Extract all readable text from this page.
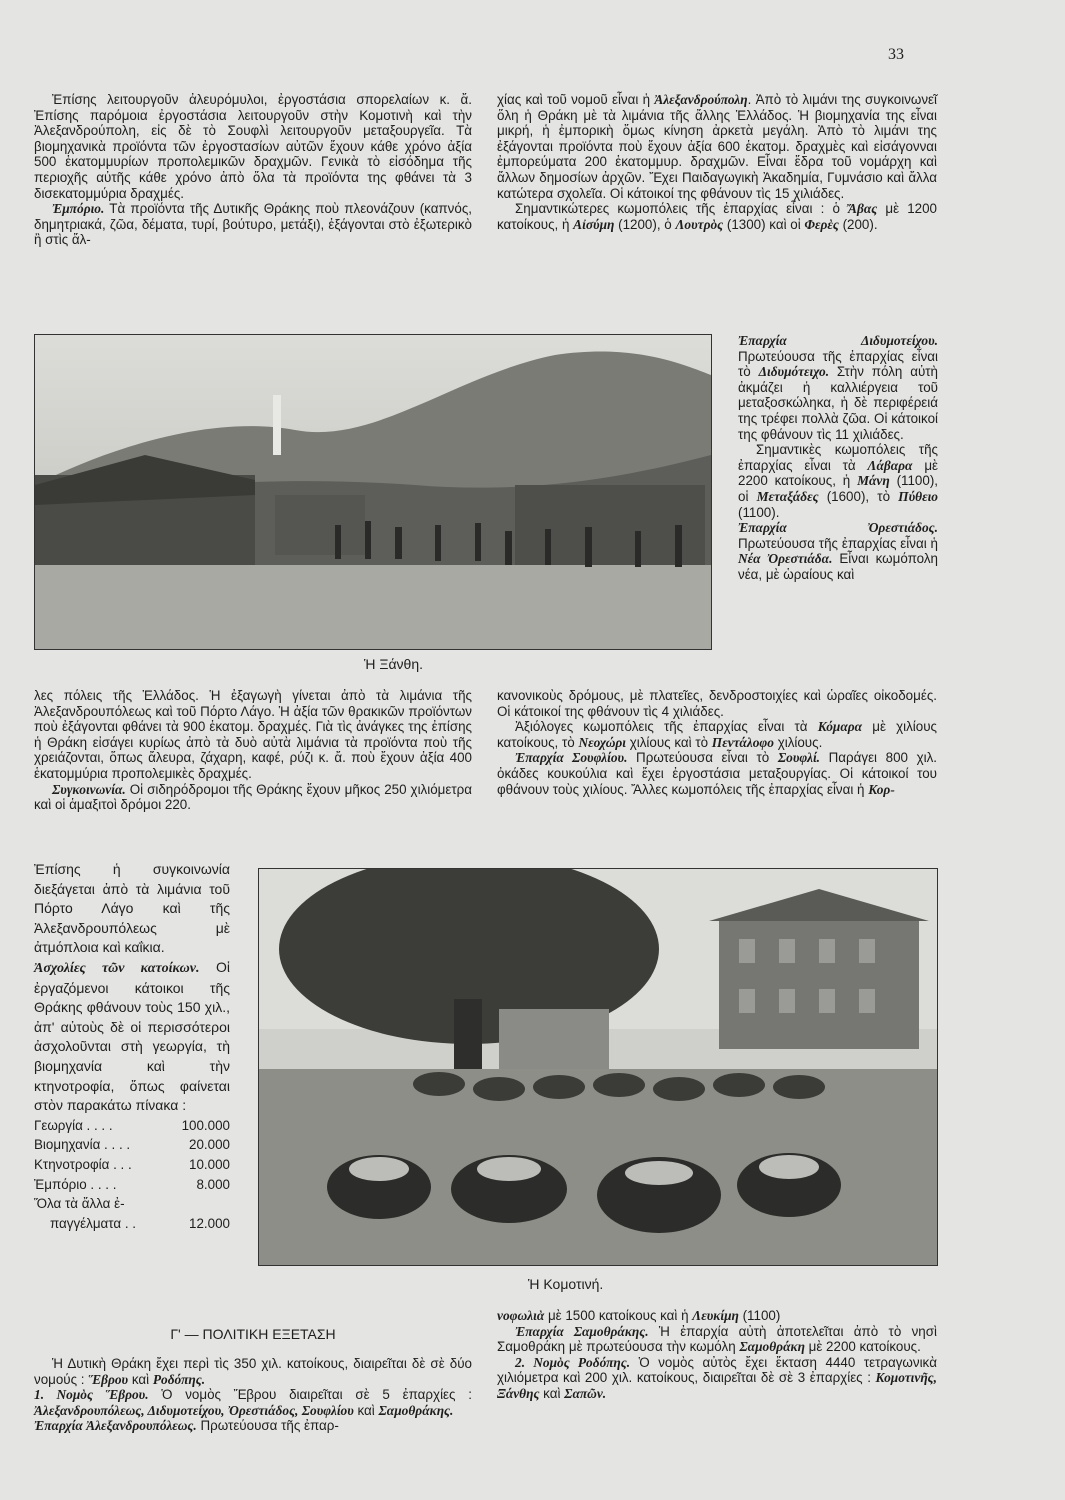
33

Ἐπίσης λειτουργοῦν ἀλευρόμυλοι, ἐργοστάσια σπορελαίων κ. ἄ. Ἐπίσης παρόμοια ἐργοστάσια λειτουργοῦν στὴν Κομοτινὴ καὶ τὴν Ἀλεξανδρούπολη, εἰς δὲ τὸ Σουφλὶ λειτουργοῦν μεταξουργεῖα. Τὰ βιομηχανικὰ προϊόντα τῶν ἐργοστασίων αὐτῶν ἔχουν κάθε χρόνο ἀξία 500 ἑκατομμυρίων προπολεμικῶν δραχμῶν. Γενικὰ τὸ εἰσόδημα τῆς περιοχῆς αὐτῆς κάθε χρόνο ἀπὸ ὅλα τὰ προϊόντα της φθάνει τὰ 3 δισεκατομμύρια δραχμές.

Ἐμπόριο. Τὰ προϊόντα τῆς Δυτικῆς Θράκης ποὺ πλεονάζουν (καπνός, δημητριακά, ζῶα, δέματα, τυρί, βούτυρο, μετάξι), ἐξάγονται στὸ ἐξωτερικὸ ἢ στὶς ἄλ-

χίας καὶ τοῦ νομοῦ εἶναι ἡ Ἀλεξανδρούπολη. Ἀπὸ τὸ λιμάνι της συγκοινωνεῖ ὅλη ἡ Θράκη μὲ τὰ λιμάνια τῆς ἄλλης Ἑλλάδος. Ἡ βιομηχανία της εἶναι μικρή, ἡ ἐμπορικὴ ὅμως κίνηση ἀρκετὰ μεγάλη. Ἀπὸ τὸ λιμάνι της ἐξάγονται προϊόντα ποὺ ἔχουν ἀξία 600 ἑκατομ. δραχμὲς καὶ εἰσάγονναι ἐμπορεύματα 200 ἑκατομμυρ. δραχμῶν. Εἶναι ἕδρα τοῦ νομάρχη καὶ ἄλλων δημοσίων ἀρχῶν. Ἔχει Παιδαγωγικὴ Ἀκαδημία, Γυμνάσιο καὶ ἄλλα κατώτερα σχολεῖα. Οἱ κάτοικοί της φθάνουν τὶς 15 χιλιάδες.

Σημαντικώτερες κωμοπόλεις τῆς ἐπαρχίας εἶναι : ὁ Ἄβας μὲ 1200 κατοίκους, ἡ Αἰσύμη (1200), ὁ Λουτρὸς (1300) καὶ οἱ Φερὲς (200).

Ἐπαρχία Διδυμοτείχου. Πρωτεύουσα τῆς ἐπαρχίας εἶναι τὸ Διδυμότειχο. Στὴν πόλη αὐτὴ ἀκμάζει ἡ καλλιέργεια τοῦ μεταξοσκώληκα, ἡ δὲ περιφέρειά της τρέφει πολλὰ ζῶα. Οἱ κάτοικοί της φθάνουν τὶς 11 χιλιάδες.

Σημαντικὲς κωμοπόλεις τῆς ἐπαρχίας εἶναι τὰ Λάβαρα μὲ 2200 κατοίκους, ἡ Μάνη (1100), οἱ Μεταξάδες (1600), τὸ Πύθειο (1100).

Ἐπαρχία Ὀρεστιάδος. Πρωτεύουσα τῆς ἐπαρχίας εἶναι ἡ Νέα Ὀρεστιάδα. Εἶναι κωμόπολη νέα, μὲ ὡραίους καὶ

Ἡ Ξάνθη.

λες πόλεις τῆς Ἑλλάδος. Ἡ ἐξαγωγὴ γίνεται ἀπὸ τὰ λιμάνια τῆς Ἀλεξανδρουπόλεως καὶ τοῦ Πόρτο Λάγο. Ἡ ἀξία τῶν θρακικῶν προϊόντων ποὺ ἐξάγονται φθάνει τὰ 900 ἑκατομ. δραχμές. Γιὰ τὶς ἀνάγκες της ἐπίσης ἡ Θράκη εἰσάγει κυρίως ἀπὸ τὰ δυὸ αὐτὰ λιμάνια τὰ προϊόντα ποὺ τῆς χρειάζονται, ὅπως ἄλευρα, ζάχαρη, καφέ, ρύζι κ. ἄ. ποὺ ἔχουν ἀξία 400 ἑκατομμύρια προπολεμικὲς δραχμές.

Συγκοινωνία. Οἱ σιδηρόδρομοι τῆς Θράκης ἔχουν μῆκος 250 χιλιόμετρα καὶ οἱ ἁμαξιτοὶ δρόμοι 220.

κανονικοὺς δρόμους, μὲ πλατεῖες, δενδροστοιχίες καὶ ὡραῖες οἰκοδομές. Οἱ κάτοικοί της φθάνουν τὶς 4 χιλιάδες.

Ἀξιόλογες κωμοπόλεις τῆς ἐπαρχίας εἶναι τὰ Κόμαρα μὲ χιλίους κατοίκους, τὸ Νεοχώρι χιλίους καὶ τὸ Πεντάλοφο χιλίους.

Ἐπαρχία Σουφλίου. Πρωτεύουσα εἶναι τὸ Σουφλί. Παράγει 800 χιλ. ὀκάδες κουκούλια καὶ ἔχει ἐργοστάσια μεταξουργίας. Οἱ κάτοικοί του φθάνουν τοὺς χιλίους. Ἄλλες κωμοπόλεις τῆς ἐπαρχίας εἶναι ἡ Κορ-

Ἐπίσης ἡ συγκοινωνία διεξάγεται ἀπὸ τὰ λιμάνια τοῦ Πόρτο Λάγο καὶ τῆς Ἀλεξανδρουπόλεως μὲ ἀτμόπλοια καὶ καΐκια.

Ἀσχολίες τῶν κατοίκων. Οἱ ἐργαζόμενοι κάτοικοι τῆς Θράκης φθάνουν τοὺς 150 χιλ., ἀπ' αὐτοὺς δὲ οἱ περισσότεροι ἀσχολοῦνται στὴ γεωργία, τὴ βιομηχανία καὶ τὴν κτηνοτροφία, ὅπως φαίνεται στὸν παρακάτω πίνακα :

Γεωργία . . . .	100.000
Βιομηχανία . . . .	20.000
Κτηνοτροφία . . .	10.000
Ἐμπόριο . . . .	8.000
Ὅλα τὰ ἄλλα ἐ-
παγγέλματα . .	12.000
Ἡ Κομοτινή.
Γ' — ΠΟΛΙΤΙΚΗ ΕΞΕΤΑΣΗ

Ἡ Δυτικὴ Θράκη ἔχει περὶ τὶς 350 χιλ. κατοίκους, διαιρεῖται δὲ σὲ δύο νομούς : Ἕβρου καὶ Ροδόπης.

1. Νομὸς Ἕβρου. Ὁ νομὸς Ἕβρου διαιρεῖται σὲ 5 ἐπαρχίες : Ἀλεξανδρουπόλεως, Διδυμοτείχου, Ὀρεστιάδος, Σουφλίου καὶ Σαμοθράκης.

Ἐπαρχία Ἀλεξανδρουπόλεως. Πρωτεύουσα τῆς ἐπαρ-

νοφωλιὰ μὲ 1500 κατοίκους καὶ ἡ Λευκίμη (1100)

Ἐπαρχία Σαμοθράκης. Ἡ ἐπαρχία αὐτὴ ἀποτελεῖται ἀπὸ τὸ νησὶ Σαμοθράκη μὲ πρωτεύουσα τὴν κωμόλη Σαμοθράκη μὲ 2200 κατοίκους.

2. Νομὸς Ροδόπης. Ὁ νομὸς αὐτὸς ἔχει ἔκταση 4440 τετραγωνικὰ χιλιόμετρα καὶ 200 χιλ. κατοίκους, διαιρεῖται δὲ σὲ 3 ἐπαρχίες : Κομοτινῆς, Ξάνθης καὶ Σαπῶν.
